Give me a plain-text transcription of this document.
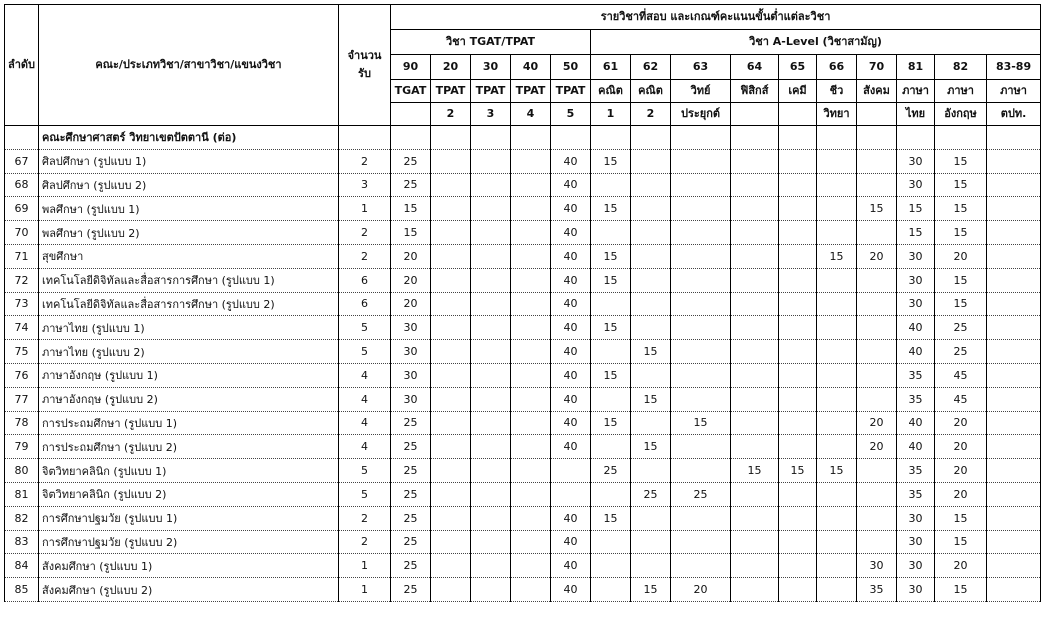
ลำดับ	คณะ/ประเภทวิชา/สาขาวิชา/แขนงวิชา	จำนวนรับ	รายวิชาที่สอบ และเกณฑ์คะแนนขั้นต่ำแต่ละวิชา														
			วิชา TGAT/TPAT					วิชา A-Level (วิชาสามัญ)									
			90	20	30	40	50	61	62	63	64	65	66	70	81	82	83-89
			TGAT	TPAT	TPAT	TPAT	TPAT	คณิต	คณิต	วิทย์	ฟิสิกส์	เคมี	ชีว	สังคม	ภาษา	ภาษา	ภาษา
				2	3	4	5	1	2	ประยุกต์			วิทยา		ไทย	อังกฤษ	ตปท.
	คณะศึกษาศาสตร์ วิทยาเขตปัตตานี (ต่อ)																
67	ศิลปศึกษา (รูปแบบ 1)	2	25				40	15							30	15	
68	ศิลปศึกษา (รูปแบบ 2)	3	25				40								30	15	
69	พลศึกษา (รูปแบบ 1)	1	15				40	15						15	15	15	
70	พลศึกษา (รูปแบบ 2)	2	15				40								15	15	
71	สุขศึกษา	2	20				40	15					15	20	30	20	
72	เทคโนโลยีดิจิทัลและสื่อสารการศึกษา (รูปแบบ 1)	6	20				40	15							30	15	
73	เทคโนโลยีดิจิทัลและสื่อสารการศึกษา (รูปแบบ 2)	6	20				40								30	15	
74	ภาษาไทย (รูปแบบ 1)	5	30				40	15							40	25	
75	ภาษาไทย (รูปแบบ 2)	5	30				40		15						40	25	
76	ภาษาอังกฤษ (รูปแบบ 1)	4	30				40	15							35	45	
77	ภาษาอังกฤษ (รูปแบบ 2)	4	30				40		15						35	45	
78	การประถมศึกษา (รูปแบบ 1)	4	25				40	15		15				20	40	20	
79	การประถมศึกษา (รูปแบบ 2)	4	25				40		15					20	40	20	
80	จิตวิทยาคลินิก (รูปแบบ 1)	5	25					25			15	15	15		35	20	
81	จิตวิทยาคลินิก (รูปแบบ 2)	5	25						25	25					35	20	
82	การศึกษาปฐมวัย (รูปแบบ 1)	2	25				40	15							30	15	
83	การศึกษาปฐมวัย (รูปแบบ 2)	2	25				40								30	15	
84	สังคมศึกษา (รูปแบบ 1)	1	25				40							30	30	20	
85	สังคมศึกษา (รูปแบบ 2)	1	25				40		15	20				35	30	15	
